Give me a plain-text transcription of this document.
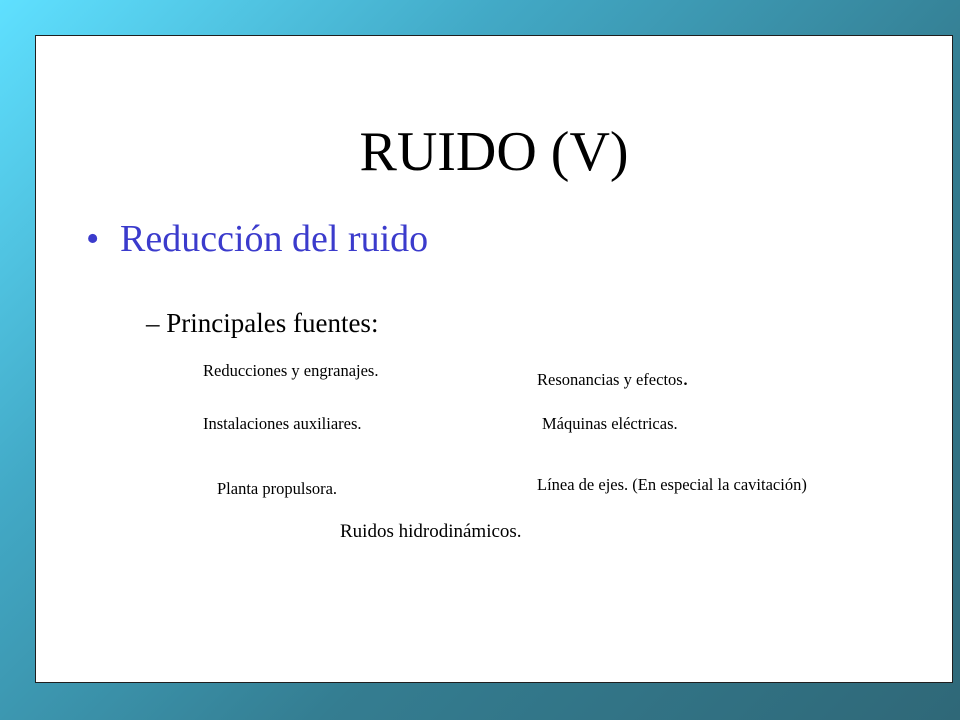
RUIDO (V)
• Reducción del ruido
– Principales fuentes:
Reducciones y engranajes.	Resonancias y efectos.
Instalaciones auxiliares.	Máquinas eléctricas.
Planta propulsora.	Línea de ejes. (En especial la cavitación)
Ruidos hidrodinámicos.
